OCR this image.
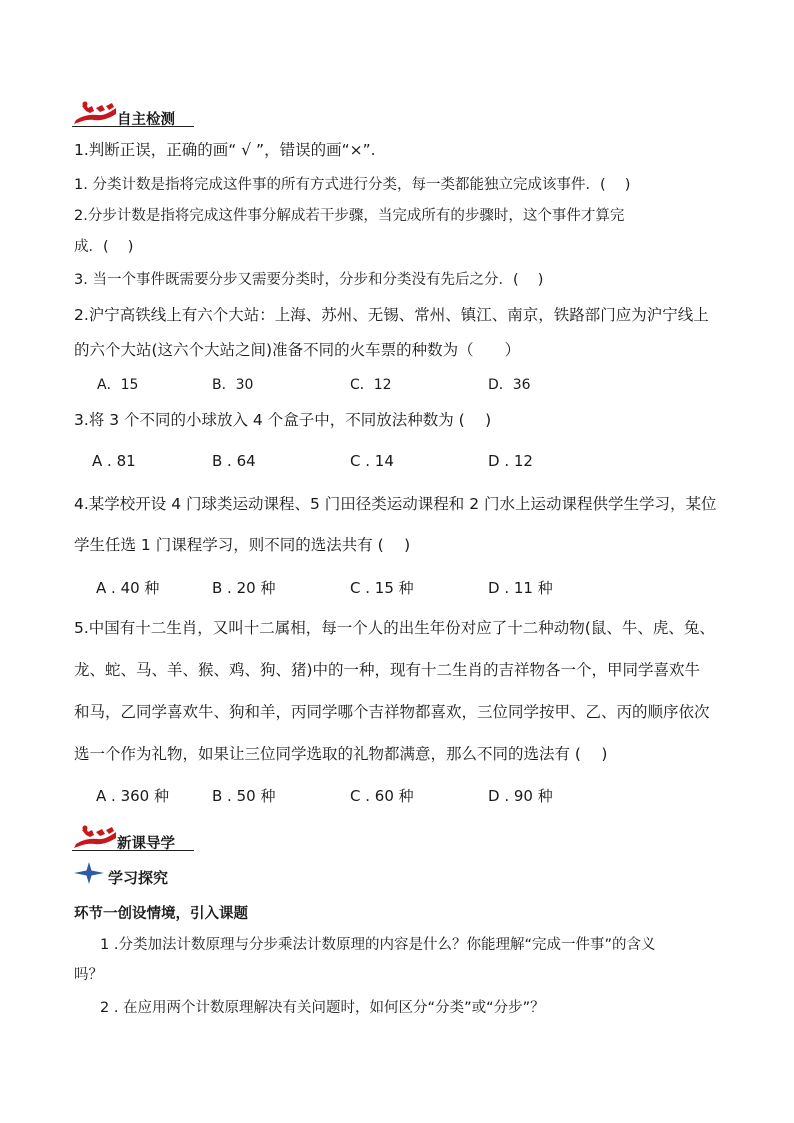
自主检测
1.判断正误，正确的画“ √ ”，错误的画“×”.
1. 分类计数是指将完成这件事的所有方式进行分类，每一类都能独立完成该事件．(　 )
2.分步计数是指将完成这件事分解成若干步骤，当完成所有的步骤时，这个事件才算完
成．(　 )
3. 当一个事件既需要分步又需要分类时，分步和分类没有先后之分．(　 )
2.沪宁高铁线上有六个大站：上海、苏州、无锡、常州、镇江、南京，铁路部门应为沪宁线上
的六个大站(这六个大站之间)准备不同的火车票的种数为（　　）
A．15	B．30	C．12	D．36
3.将 3 个不同的小球放入 4 个盒子中，不同放法种数为 (　 )
A . 81	B . 64	C . 14	D . 12
4.某学校开设 4 门球类运动课程、5 门田径类运动课程和 2 门水上运动课程供学生学习，某位
学生任选 1 门课程学习，则不同的选法共有 (　 )
A . 40 种	B . 20 种	C . 15 种	D . 11 种
5.中国有十二生肖，又叫十二属相，每一个人的出生年份对应了十二种动物(鼠、牛、虎、兔、
龙、蛇、马、羊、猴、鸡、狗、猪)中的一种，现有十二生肖的吉祥物各一个，甲同学喜欢牛
和马，乙同学喜欢牛、狗和羊，丙同学哪个吉祥物都喜欢，三位同学按甲、乙、丙的顺序依次
选一个作为礼物，如果让三位同学选取的礼物都满意，那么不同的选法有 (　 )
A . 360 种	B . 50 种	C . 60 种	D . 90 种
新课导学
学习探究
环节一创设情境，引入课题
1 .分类加法计数原理与分步乘法计数原理的内容是什么？你能理解“完成一件事”的含义
吗？
2 . 在应用两个计数原理解决有关问题时，如何区分“分类”或“分步”？
